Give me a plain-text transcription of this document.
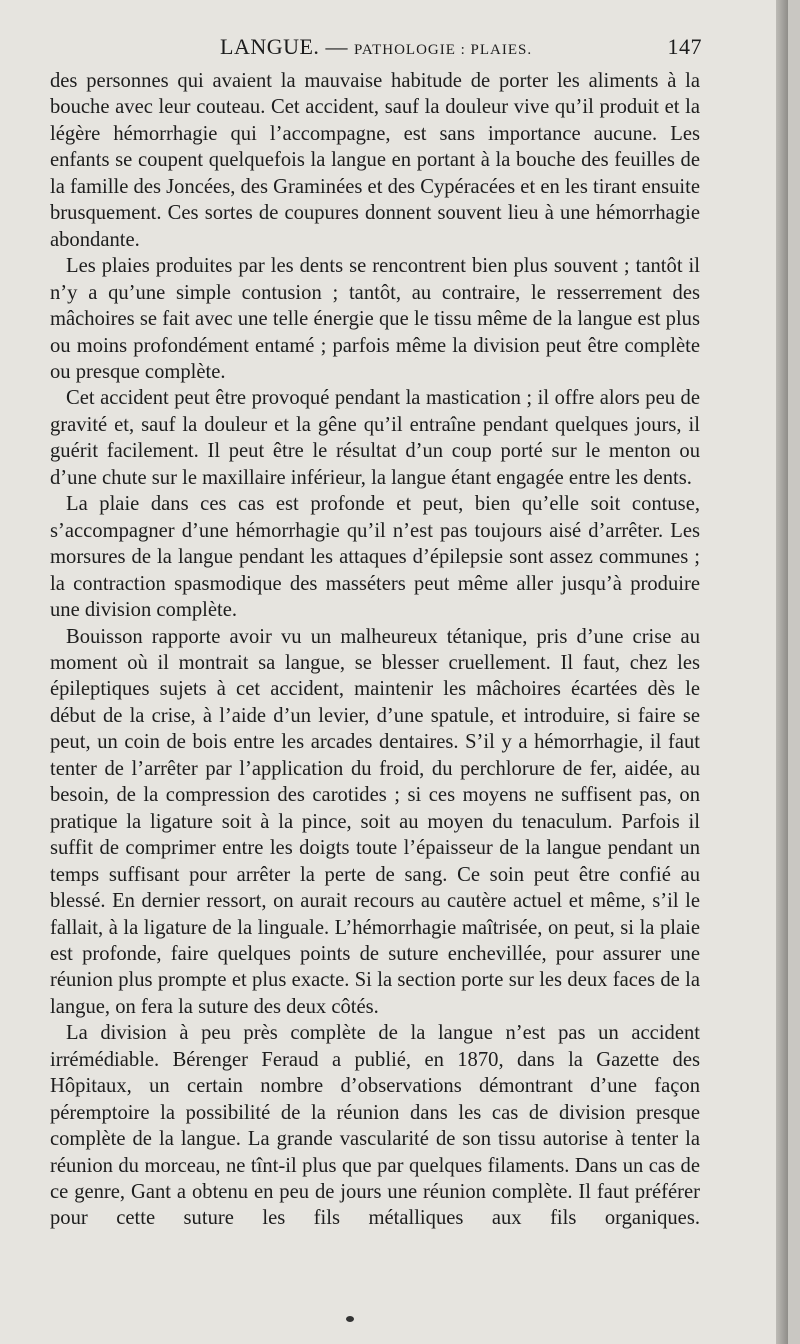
LANGUE. — PATHOLOGIE : PLAIES.	147

des personnes qui avaient la mauvaise habitude de porter les aliments à la bouche avec leur couteau. Cet accident, sauf la douleur vive qu’il produit et la légère hémorrhagie qui l’accompagne, est sans importance aucune. Les enfants se coupent quelquefois la langue en portant à la bouche des feuilles de la famille des Joncées, des Graminées et des Cypéracées et en les tirant ensuite brusquement. Ces sortes de coupures donnent souvent lieu à une hémorrhagie abondante.

Les plaies produites par les dents se rencontrent bien plus souvent ; tantôt il n’y a qu’une simple contusion ; tantôt, au contraire, le resserrement des mâchoires se fait avec une telle énergie que le tissu même de la langue est plus ou moins profondément entamé ; parfois même la division peut être complète ou presque complète.

Cet accident peut être provoqué pendant la mastication ; il offre alors peu de gravité et, sauf la douleur et la gêne qu’il entraîne pendant quelques jours, il guérit facilement. Il peut être le résultat d’un coup porté sur le menton ou d’une chute sur le maxillaire inférieur, la langue étant engagée entre les dents.

La plaie dans ces cas est profonde et peut, bien qu’elle soit contuse, s’accompagner d’une hémorrhagie qu’il n’est pas toujours aisé d’arrêter. Les morsures de la langue pendant les attaques d’épilepsie sont assez communes ; la contraction spasmodique des masséters peut même aller jusqu’à produire une division complète.

Bouisson rapporte avoir vu un malheureux tétanique, pris d’une crise au moment où il montrait sa langue, se blesser cruellement. Il faut, chez les épileptiques sujets à cet accident, maintenir les mâchoires écartées dès le début de la crise, à l’aide d’un levier, d’une spatule, et introduire, si faire se peut, un coin de bois entre les arcades dentaires. S’il y a hémorrhagie, il faut tenter de l’arrêter par l’application du froid, du perchlorure de fer, aidée, au besoin, de la compression des carotides ; si ces moyens ne suffisent pas, on pratique la ligature soit à la pince, soit au moyen du tenaculum. Parfois il suffit de comprimer entre les doigts toute l’épaisseur de la langue pendant un temps suffisant pour arrêter la perte de sang. Ce soin peut être confié au blessé. En dernier ressort, on aurait recours au cautère actuel et même, s’il le fallait, à la ligature de la linguale. L’hémorrhagie maîtrisée, on peut, si la plaie est profonde, faire quelques points de suture enchevillée, pour assurer une réunion plus prompte et plus exacte. Si la section porte sur les deux faces de la langue, on fera la suture des deux côtés.

La division à peu près complète de la langue n’est pas un accident irrémédiable. Bérenger Feraud a publié, en 1870, dans la Gazette des Hôpitaux, un certain nombre d’observations démontrant d’une façon péremptoire la possibilité de la réunion dans les cas de division presque complète de la langue. La grande vascularité de son tissu autorise à tenter la réunion du morceau, ne tînt-il plus que par quelques filaments. Dans un cas de ce genre, Gant a obtenu en peu de jours une réunion complète. Il faut préférer pour cette suture les fils métalliques aux fils organiques.
